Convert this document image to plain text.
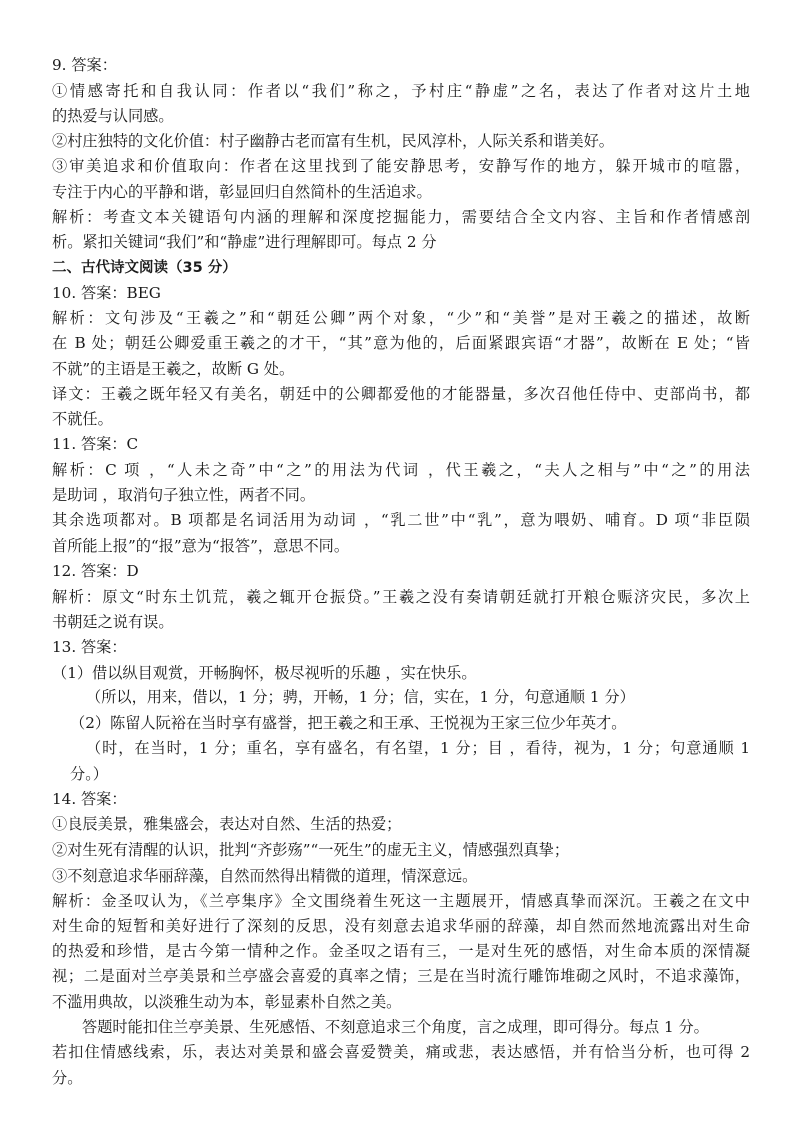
9. 答案：
①情感寄托和自我认同：作者以“我们”称之，予村庄“静虚”之名，表达了作者对这片土地
的热爱与认同感。
②村庄独特的文化价值：村子幽静古老而富有生机，民风淳朴，人际关系和谐美好。
③审美追求和价值取向：作者在这里找到了能安静思考，安静写作的地方，躲开城市的喧嚣，
专注于内心的平静和谐，彰显回归自然简朴的生活追求。
解析：考查文本关键语句内涵的理解和深度挖掘能力，需要结合全文内容、主旨和作者情感剖
析。紧扣关键词“我们”和“静虚”进行理解即可。每点 2 分
二、古代诗文阅读（35 分）
10. 答案：BEG
解析：文句涉及“王羲之”和“朝廷公卿”两个对象，“少”和“美誉”是对王羲之的描述，故断
在 B 处；朝廷公卿爱重王羲之的才干，“其”意为他的，后面紧跟宾语“才器”，故断在 E 处；“皆
不就”的主语是王羲之，故断 G 处。
译文：王羲之既年轻又有美名，朝廷中的公卿都爱他的才能器量，多次召他任侍中、吏部尚书，都
不就任。
11. 答案：C
解析：C 项 ，“人未之奇”中“之”的用法为代词 ，代王羲之，“夫人之相与”中“之”的用法
是助词 ，取消句子独立性，两者不同。
其余选项都对。B 项都是名词活用为动词 ，“乳二世”中“乳”，意为喂奶、哺育。D 项“非臣陨
首所能上报”的“报”意为“报答”，意思不同。
12. 答案：D
解析：原文“时东土饥荒，羲之辄开仓振贷。”王羲之没有奏请朝廷就打开粮仓赈济灾民，多次上
书朝廷之说有误。
13. 答案：
（1）借以纵目观赏，开畅胸怀，极尽视听的乐趣 ，实在快乐。
（所以，用来，借以，1 分；骋，开畅，1 分；信，实在，1 分，句意通顺 1 分）
（2）陈留人阮裕在当时享有盛誉，把王羲之和王承、王悦视为王家三位少年英才。
（时，在当时，1 分；重名，享有盛名，有名望，1 分；目 ，看待，视为，1 分；句意通顺 1
分。）
14. 答案：
①良辰美景，雅集盛会，表达对自然、生活的热爱；
②对生死有清醒的认识，批判“齐彭殇”“一死生”的虚无主义，情感强烈真挚；
③不刻意追求华丽辞藻，自然而然得出精微的道理，情深意远。
解析：金圣叹认为，《兰亭集序》全文围绕着生死这一主题展开，情感真挚而深沉。王羲之在文中
对生命的短暂和美好进行了深刻的反思，没有刻意去追求华丽的辞藻，却自然而然地流露出对生命
的热爱和珍惜，是古今第一情种之作。金圣叹之语有三，一是对生死的感悟，对生命本质的深情凝
视；二是面对兰亭美景和兰亭盛会喜爱的真率之情；三是在当时流行雕饰堆砌之风时，不追求藻饰，
不滥用典故，以淡雅生动为本，彰显素朴自然之美。
答题时能扣住兰亭美景、生死感悟、不刻意追求三个角度，言之成理，即可得分。每点 1 分。
若扣住情感线索，乐，表达对美景和盛会喜爱赞美，痛或悲，表达感悟，并有恰当分析，也可得 2
分。
